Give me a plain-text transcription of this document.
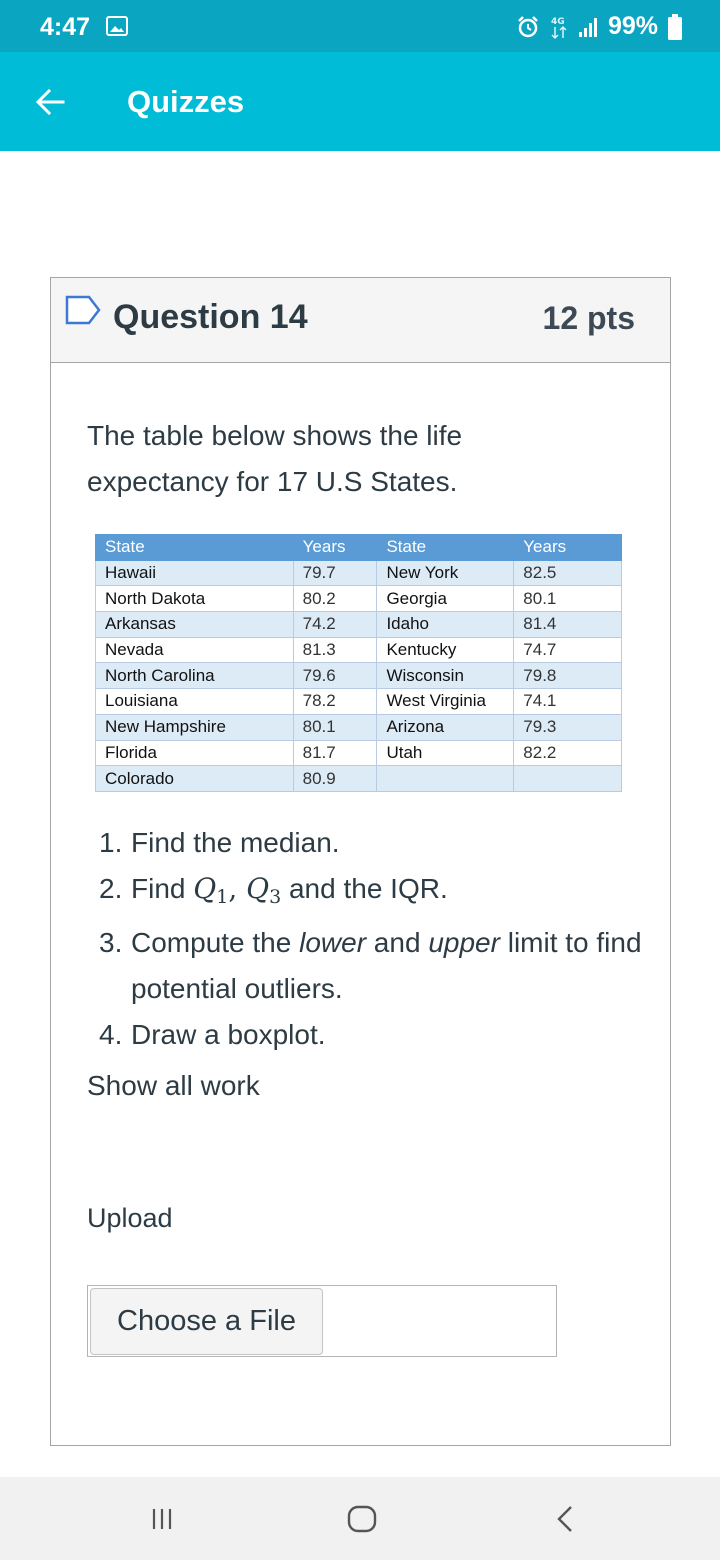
4:47	4G 99%
Quizzes
Question 14	12 pts

The table below shows the life expectancy for 17 U.S States.

State	Years	State	Years
Hawaii	79.7	New York	82.5
North Dakota	80.2	Georgia	80.1
Arkansas	74.2	Idaho	81.4
Nevada	81.3	Kentucky	74.7
North Carolina	79.6	Wisconsin	79.8
Louisiana	78.2	West Virginia	74.1
New Hampshire	80.1	Arizona	79.3
Florida	81.7	Utah	82.2
Colorado	80.9		
1. Find the median.
2. Find $Q_1$, $Q_3$ and the IQR.
3. Compute the lower and upper limit to find potential outliers.
4. Draw a boxplot.

Show all work

Upload

Choose a File
